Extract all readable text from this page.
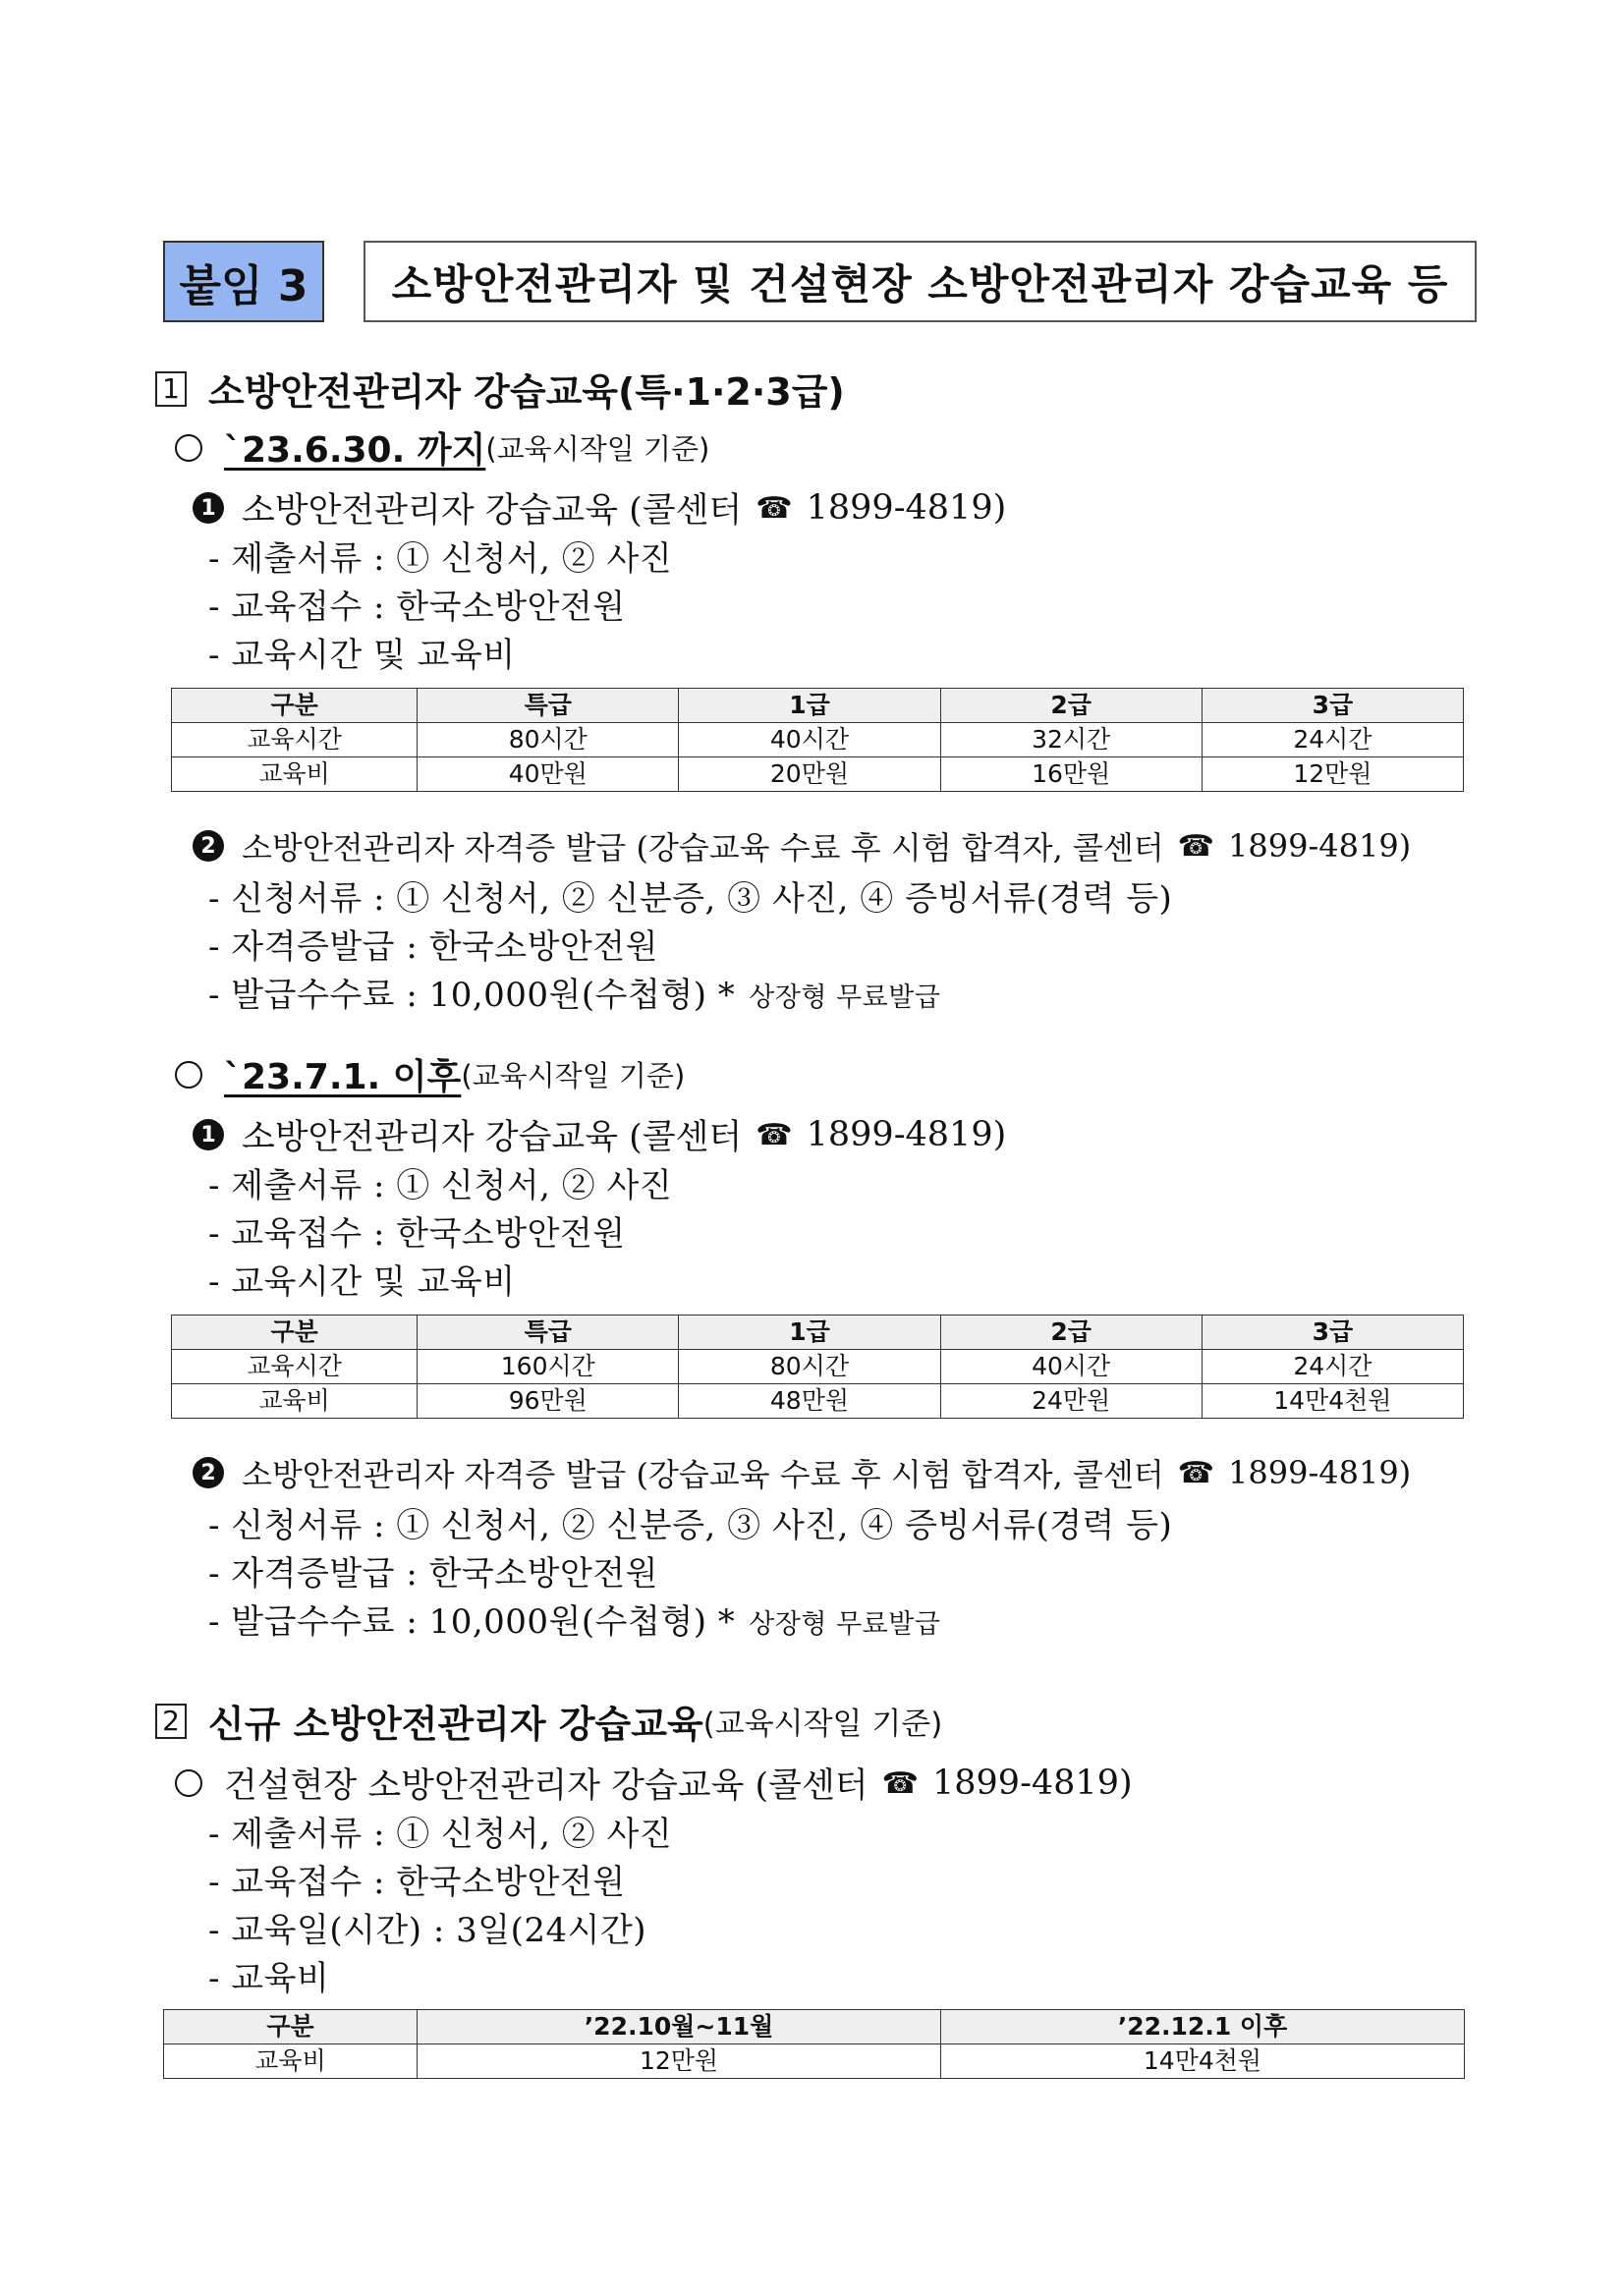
붙임 3	소방안전관리자 및 건설현장 소방안전관리자 강습교육 등
1 소방안전관리자 강습교육(특·1·2·3급)
`23.6.30. 까지 (교육시작일 기준)
1 소방안전관리자 강습교육 (콜센터 ☎ 1899-4819)
- 제출서류 : ① 신청서, ② 사진
- 교육접수 : 한국소방안전원
- 교육시간 및 교육비
구분	특급	1급	2급	3급
교육시간	80시간	40시간	32시간	24시간
교육비	40만원	20만원	16만원	12만원
2 소방안전관리자 자격증 발급 (강습교육 수료 후 시험 합격자, 콜센터 ☎ 1899-4819)
- 신청서류 : ① 신청서, ② 신분증, ③ 사진, ④ 증빙서류(경력 등)
- 자격증발급 : 한국소방안전원
- 발급수수료 : 10,000원(수첩형) * 상장형 무료발급
`23.7.1. 이후 (교육시작일 기준)
1 소방안전관리자 강습교육 (콜센터 ☎ 1899-4819)
- 제출서류 : ① 신청서, ② 사진
- 교육접수 : 한국소방안전원
- 교육시간 및 교육비
구분	특급	1급	2급	3급
교육시간	160시간	80시간	40시간	24시간
교육비	96만원	48만원	24만원	14만4천원
2 소방안전관리자 자격증 발급 (강습교육 수료 후 시험 합격자, 콜센터 ☎ 1899-4819)
- 신청서류 : ① 신청서, ② 신분증, ③ 사진, ④ 증빙서류(경력 등)
- 자격증발급 : 한국소방안전원
- 발급수수료 : 10,000원(수첩형) * 상장형 무료발급
2 신규 소방안전관리자 강습교육 (교육시작일 기준)
건설현장 소방안전관리자 강습교육 (콜센터 ☎ 1899-4819)
- 제출서류 : ① 신청서, ② 사진
- 교육접수 : 한국소방안전원
- 교육일(시간) : 3일(24시간)
- 교육비
구분	’22.10월~11월	’22.12.1 이후
교육비	12만원	14만4천원
